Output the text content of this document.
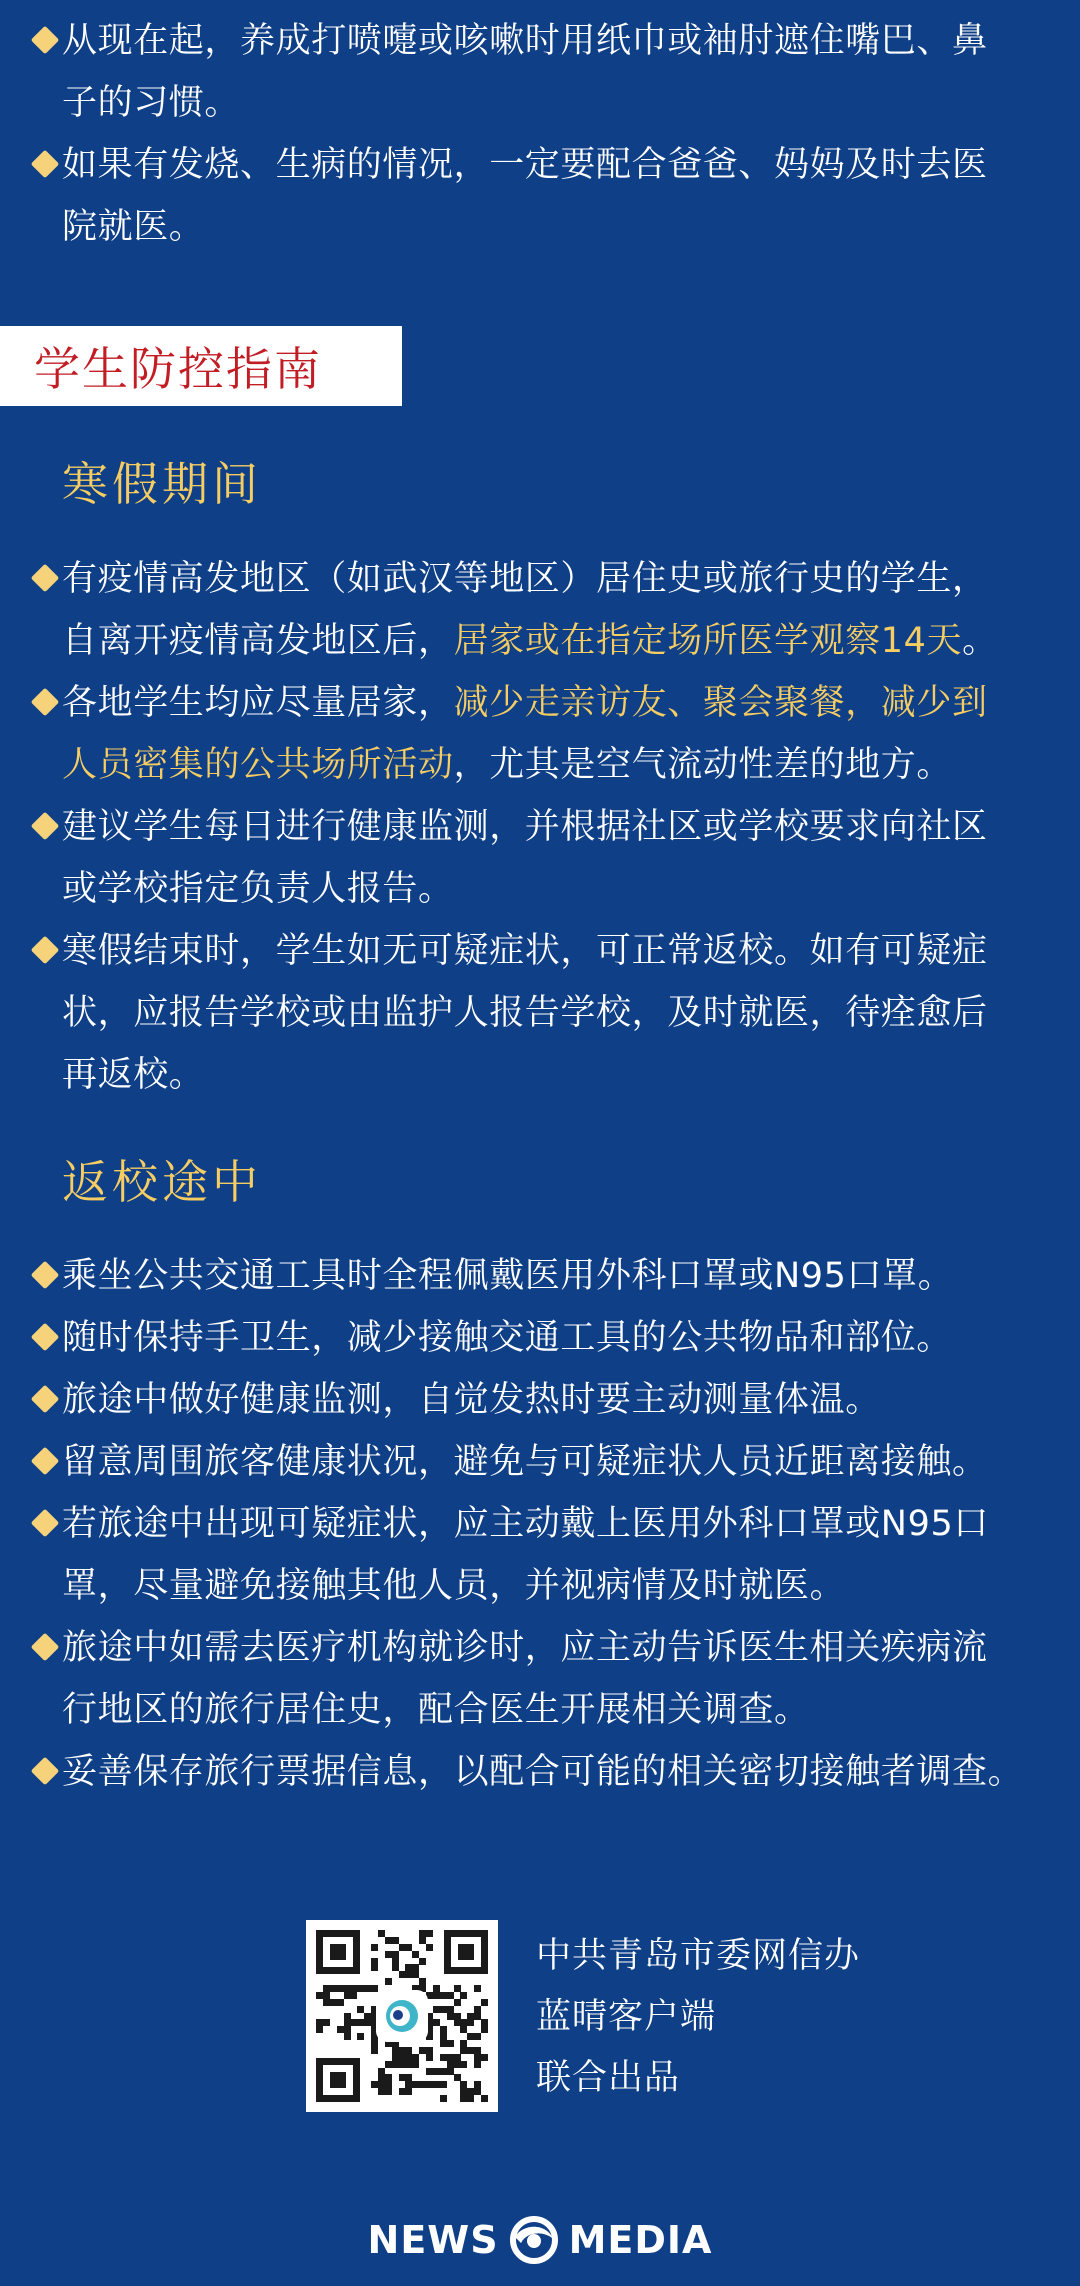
从现在起，养成打喷嚏或咳嗽时用纸巾或袖肘遮住嘴巴、鼻
子的习惯。
如果有发烧、生病的情况，一定要配合爸爸、妈妈及时去医
院就医。
学生防控指南
寒假期间
有疫情高发地区（如武汉等地区）居住史或旅行史的学生，
自离开疫情高发地区后，居家或在指定场所医学观察14天。
各地学生均应尽量居家，减少走亲访友、聚会聚餐，减少到
人员密集的公共场所活动，尤其是空气流动性差的地方。
建议学生每日进行健康监测，并根据社区或学校要求向社区
或学校指定负责人报告。
寒假结束时，学生如无可疑症状，可正常返校。如有可疑症
状，应报告学校或由监护人报告学校，及时就医，待痊愈后
再返校。
返校途中
乘坐公共交通工具时全程佩戴医用外科口罩或N95口罩。
随时保持手卫生，减少接触交通工具的公共物品和部位。
旅途中做好健康监测，自觉发热时要主动测量体温。
留意周围旅客健康状况，避免与可疑症状人员近距离接触。
若旅途中出现可疑症状，应主动戴上医用外科口罩或N95口
罩，尽量避免接触其他人员，并视病情及时就医。
旅途中如需去医疗机构就诊时，应主动告诉医生相关疾病流
行地区的旅行居住史，配合医生开展相关调查。
妥善保存旅行票据信息，以配合可能的相关密切接触者调查。
中共青岛市委网信办
蓝晴客户端
联合出品
NEWS MEDIA
